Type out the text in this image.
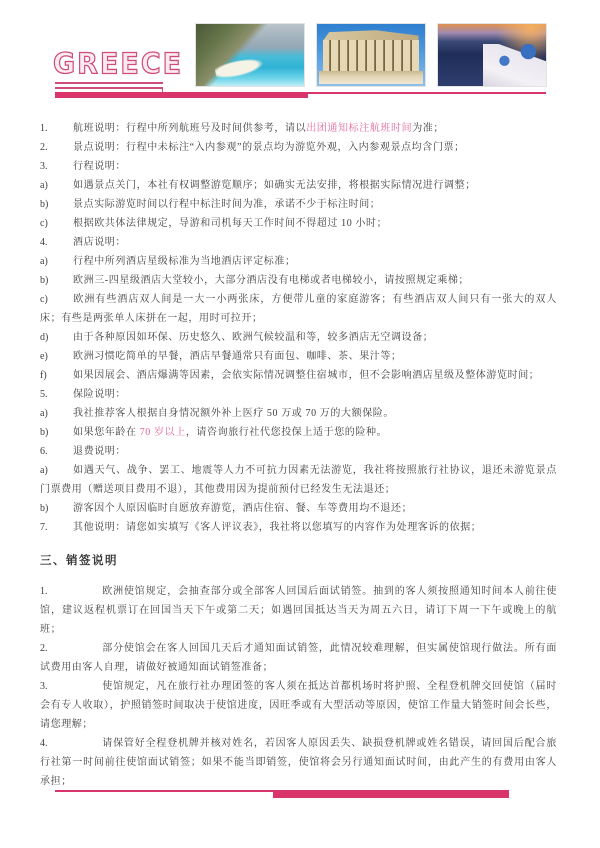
GREECE
1.	航班说明：行程中所列航班号及时间供参考，请以出团通知标注航班时间为准；
2.	景点说明：行程中未标注“入内参观”的景点均为游览外观，入内参观景点均含门票；
3.	行程说明：
a)	如遇景点关门，本社有权调整游览顺序；如确实无法安排，将根据实际情况进行调整；
b) 景点实际游览时间以行程中标注时间为准，承诺不少于标注时间；
c)	根据欧共体法律规定，导游和司机每天工作时间不得超过 10 小时；
4.	酒店说明：
a)	行程中所列酒店星级标准为当地酒店评定标准；
b) 欧洲三-四星级酒店大堂较小，大部分酒店没有电梯或者电梯较小，请按照规定乘梯；
c)	欧洲有些酒店双人间是一大一小两张床，方便带儿童的家庭游客；有些酒店双人间只有一张大的双人床；有些是两张单人床拼在一起，用时可拉开；
d) 由于各种原因如环保、历史悠久、欧洲气候较温和等，较多酒店无空调设备；
e)	欧洲习惯吃简单的早餐，酒店早餐通常只有面包、咖啡、茶、果汁等；
f)	如果因展会、酒店爆满等因素，会依实际情况调整住宿城市，但不会影响酒店星级及整体游览时间；
5.	保险说明：
a)	我社推荐客人根据自身情况额外补上医疗 50 万或 70 万的大额保险。
b) 如果您年龄在 70 岁以上，请咨询旅行社代您投保上适于您的险种。
6.	退费说明：
a)	如遇天气、战争、罢工、地震等人力不可抗力因素无法游览，我社将按照旅行社协议，退还未游览景点门票费用（赠送项目费用不退），其他费用因为提前预付已经发生无法退还；
b) 游客因个人原因临时自愿放弃游览，酒店住宿、餐、车等费用均不退还；
7.	其他说明：请您如实填写《客人评议表》，我社将以您填写的内容作为处理客诉的依据；
三、销签说明
1.	欧洲使馆规定，会抽查部分或全部客人回国后面试销签。抽到的客人须按照通知时间本人前往使馆，建议返程机票订在回国当天下午或第二天；如遇回国抵达当天为周五六日，请订下周一下午或晚上的航班；
2.	部分使馆会在客人回国几天后才通知面试销签，此情况较难理解，但实属使馆现行做法。所有面试费用由客人自理，请做好被通知面试销签准备；
3.	使馆规定，凡在旅行社办理团签的客人须在抵达首都机场时将护照、全程登机牌交回使馆（届时会有专人收取），护照销签时间取决于使馆进度，因旺季或有大型活动等原因，使馆工作量大销签时间会长些，请您理解；
4.	请保管好全程登机牌并核对姓名，若因客人原因丢失、缺损登机牌或姓名错误，请回国后配合旅行社第一时间前往使馆面试销签；如果不能当即销签，使馆将会另行通知面试时间，由此产生的有费用由客人承担；
